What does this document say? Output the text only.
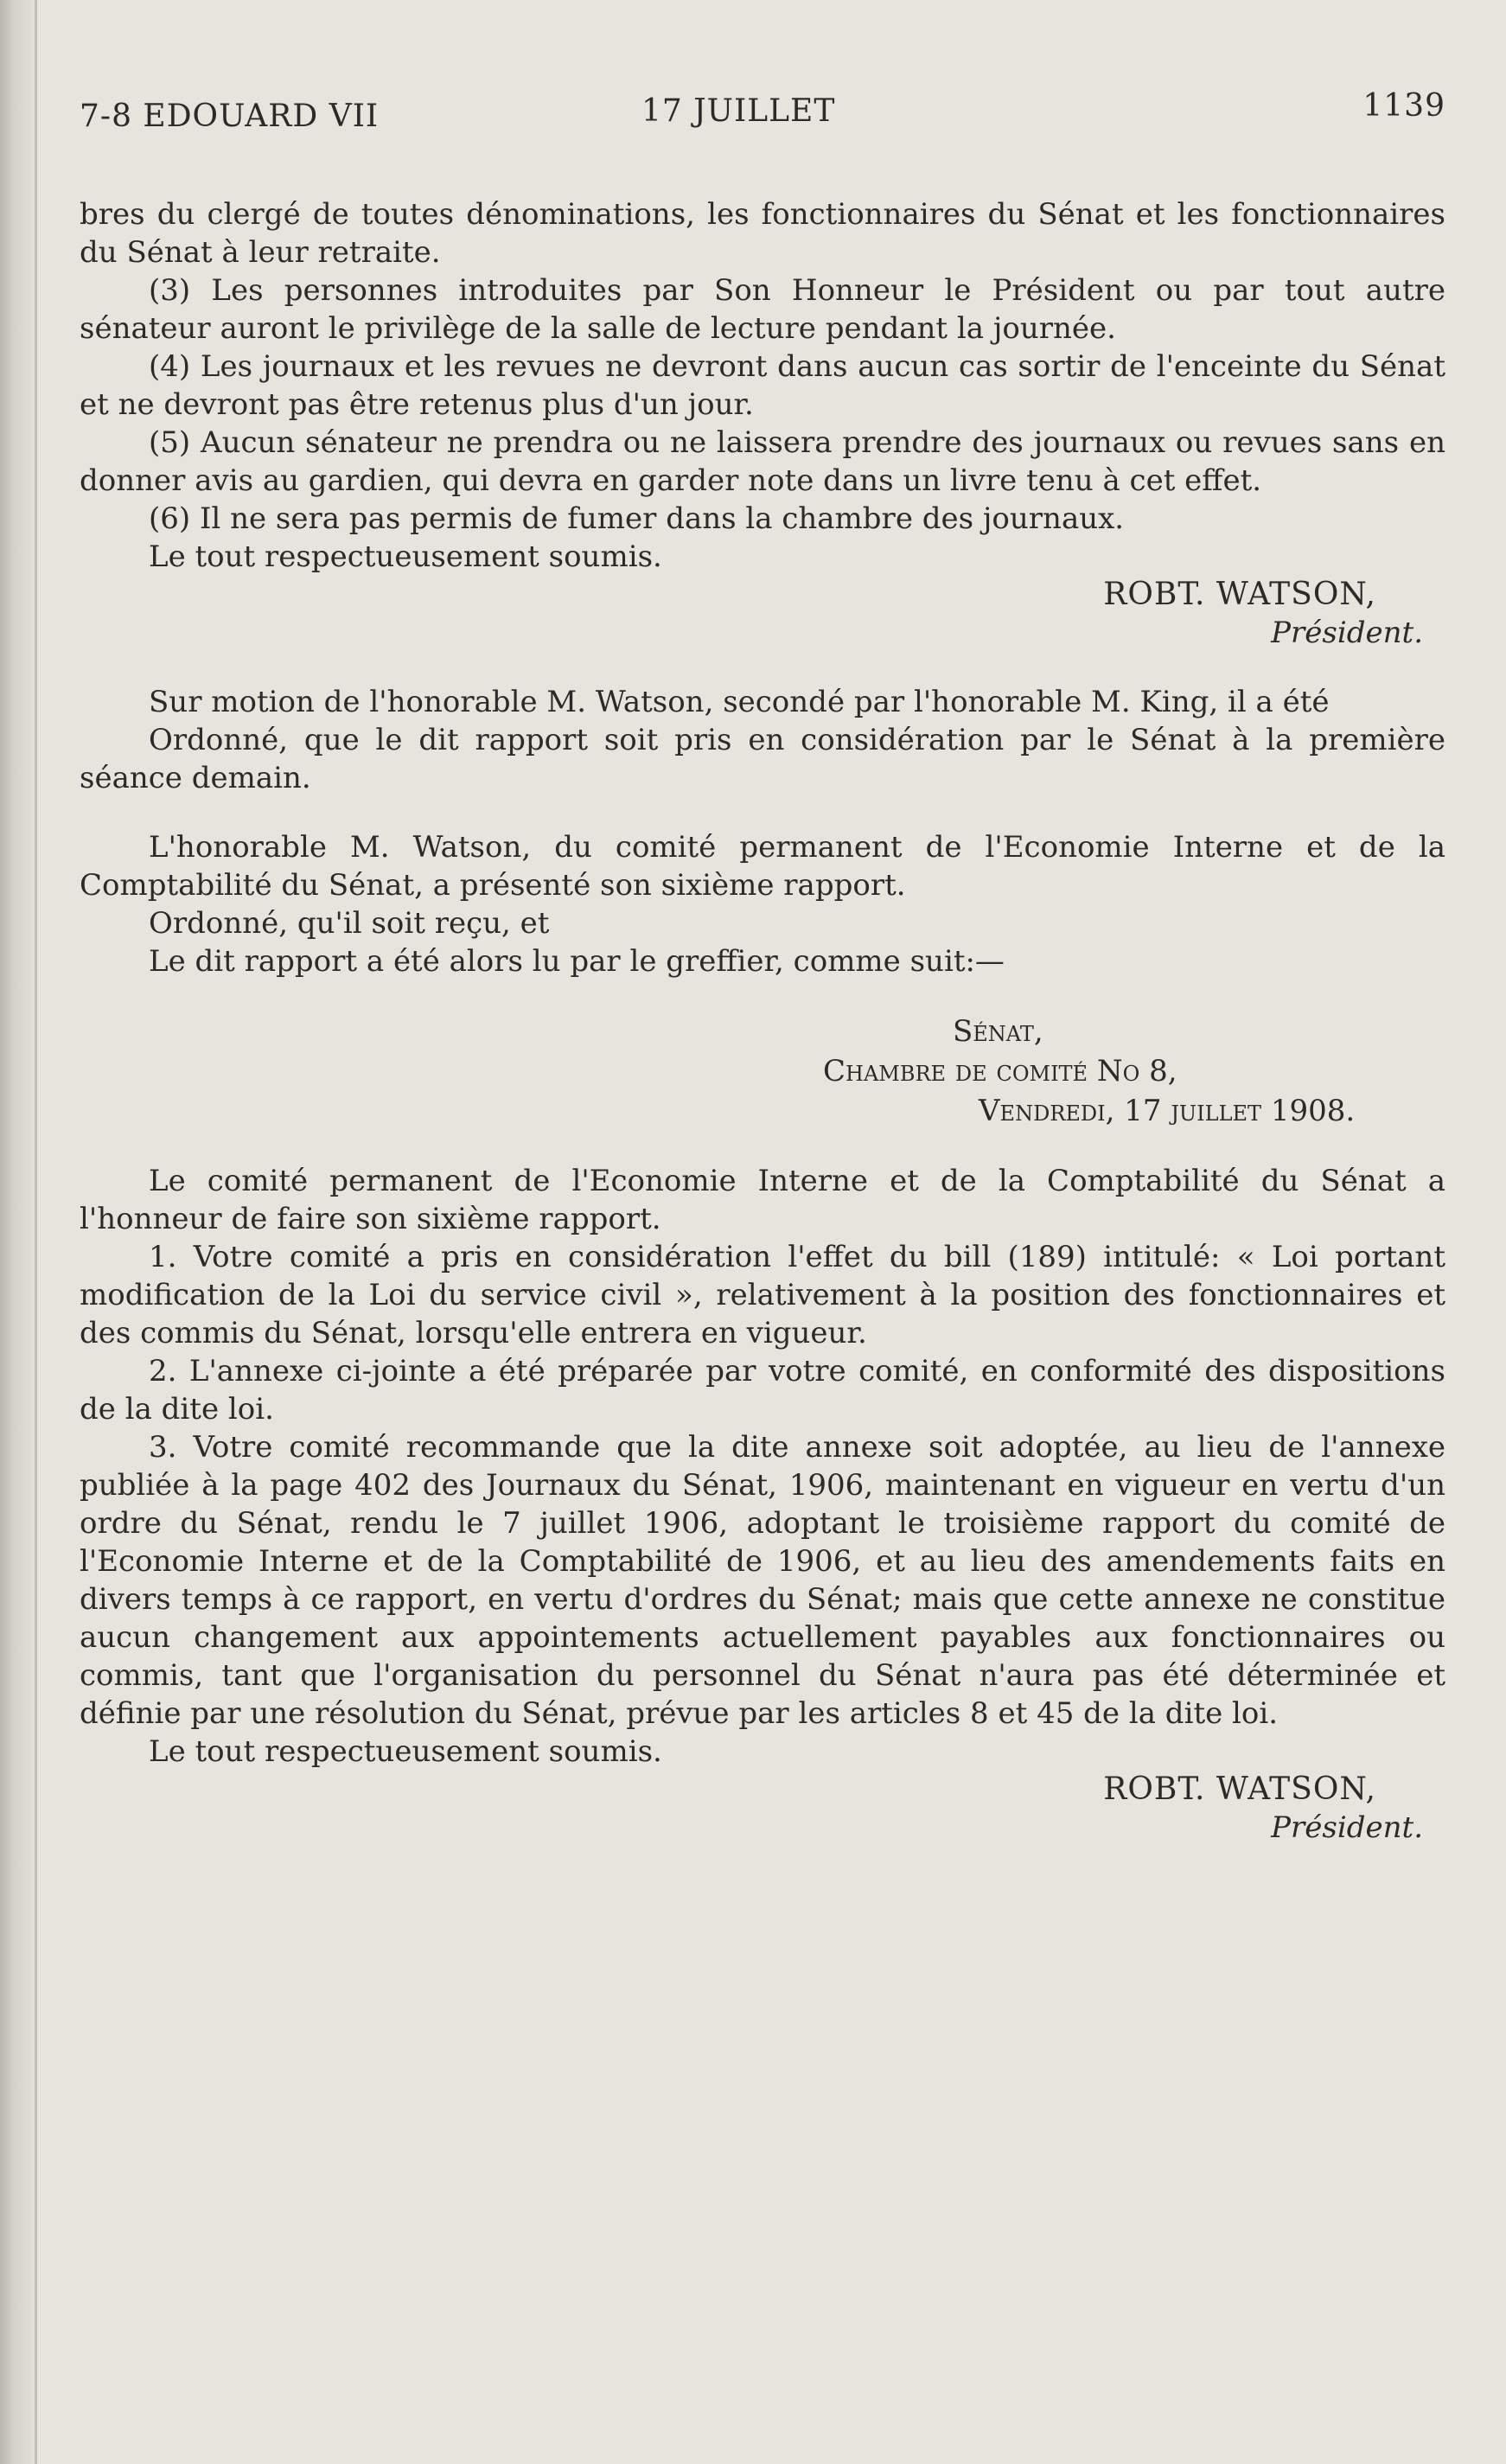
7-8 EDOUARD VII	17 JUILLET	1139

bres du clergé de toutes dénominations, les fonctionnaires du Sénat et les fonctionnaires du Sénat à leur retraite.

(3) Les personnes introduites par Son Honneur le Président ou par tout autre sénateur auront le privilège de la salle de lecture pendant la journée.

(4) Les journaux et les revues ne devront dans aucun cas sortir de l'enceinte du Sénat et ne devront pas être retenus plus d'un jour.

(5) Aucun sénateur ne prendra ou ne laissera prendre des journaux ou revues sans en donner avis au gardien, qui devra en garder note dans un livre tenu à cet effet.

(6) Il ne sera pas permis de fumer dans la chambre des journaux.

Le tout respectueusement soumis.

ROBT. WATSON,

Président.

Sur motion de l'honorable M. Watson, secondé par l'honorable M. King, il a été

Ordonné, que le dit rapport soit pris en considération par le Sénat à la première séance demain.

L'honorable M. Watson, du comité permanent de l'Economie Interne et de la Comptabilité du Sénat, a présenté son sixième rapport.

Ordonné, qu'il soit reçu, et

Le dit rapport a été alors lu par le greffier, comme suit:—

Sénat,
Chambre de comité No 8,
Vendredi, 17 juillet 1908.

Le comité permanent de l'Economie Interne et de la Comptabilité du Sénat a l'honneur de faire son sixième rapport.

1. Votre comité a pris en considération l'effet du bill (189) intitulé: « Loi portant modification de la Loi du service civil », relativement à la position des fonctionnaires et des commis du Sénat, lorsqu'elle entrera en vigueur.

2. L'annexe ci-jointe a été préparée par votre comité, en conformité des dispositions de la dite loi.

3. Votre comité recommande que la dite annexe soit adoptée, au lieu de l'annexe publiée à la page 402 des Journaux du Sénat, 1906, maintenant en vigueur en vertu d'un ordre du Sénat, rendu le 7 juillet 1906, adoptant le troisième rapport du comité de l'Economie Interne et de la Comptabilité de 1906, et au lieu des amendements faits en divers temps à ce rapport, en vertu d'ordres du Sénat; mais que cette annexe ne constitue aucun changement aux appointements actuellement payables aux fonctionnaires ou commis, tant que l'organisation du personnel du Sénat n'aura pas été déterminée et définie par une résolution du Sénat, prévue par les articles 8 et 45 de la dite loi.

Le tout respectueusement soumis.

ROBT. WATSON,

Président.
